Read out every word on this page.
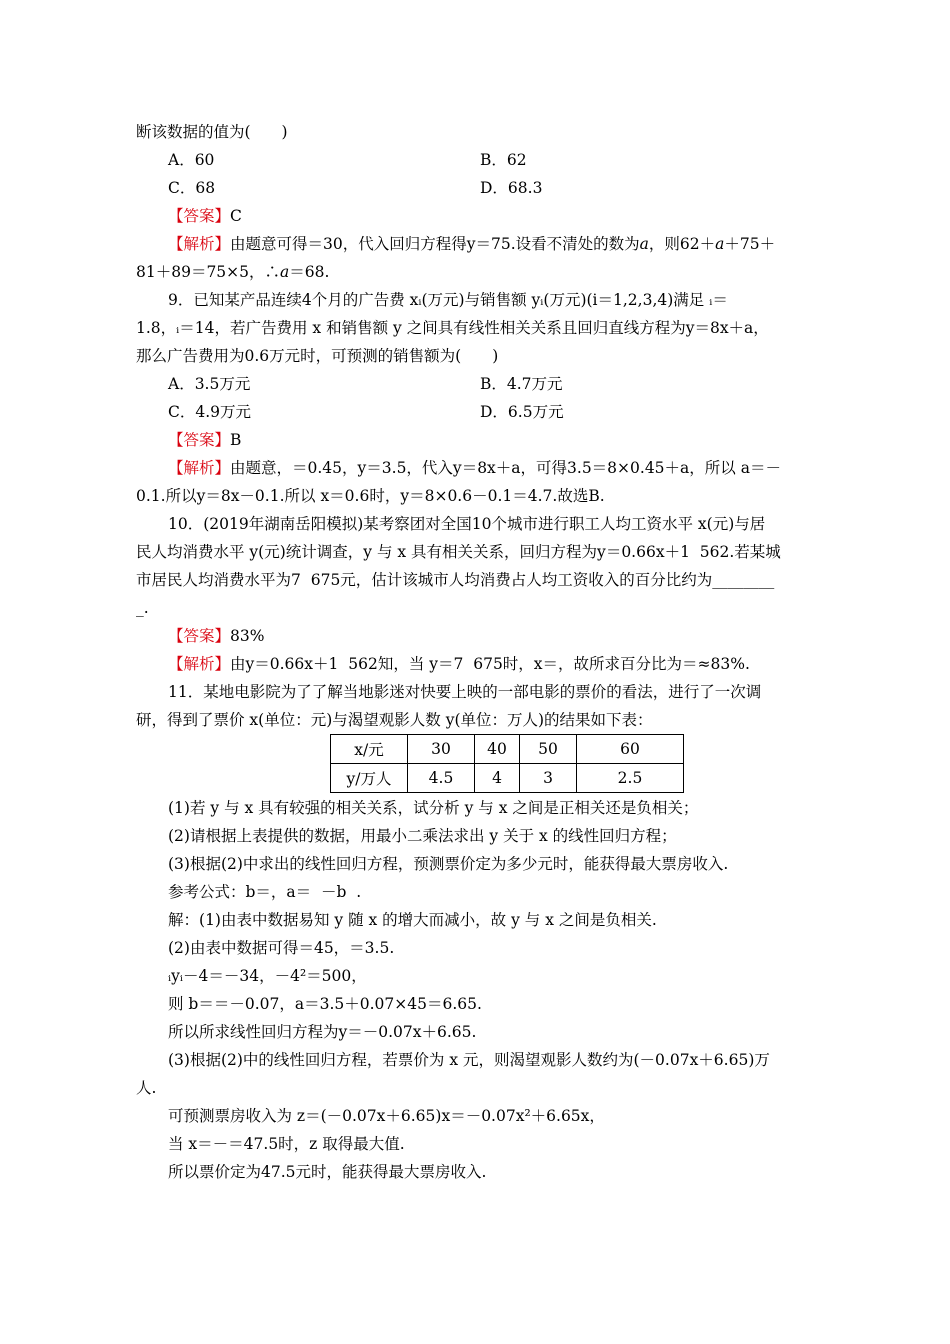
断该数据的值为(　　)
A．60	B．62
C．68	D．68.3
【答案】C
【解析】由题意可得＝30，代入回归方程得y＝75.设看不清处的数为a，则62＋a＋75＋
81＋89＝75×5，∴a＝68.
9．已知某产品连续4个月的广告费 xᵢ(万元)与销售额 yᵢ(万元)(i＝1,2,3,4)满足 ᵢ＝
1.8，ᵢ＝14，若广告费用 x 和销售额 y 之间具有线性相关关系且回归直线方程为y＝8x＋a，
那么广告费用为0.6万元时，可预测的销售额为(　　)
A．3.5万元	B．4.7万元
C．4.9万元	D．6.5万元
【答案】B
【解析】由题意，＝0.45，y＝3.5，代入y＝8x＋a，可得3.5＝8×0.45＋a，所以 a＝－
0.1.所以y＝8x－0.1.所以 x＝0.6时，y＝8×0.6－0.1＝4.7.故选B.
10．(2019年湖南岳阳模拟)某考察团对全国10个城市进行职工人均工资水平 x(元)与居
民人均消费水平 y(元)统计调查，y 与 x 具有相关关系，回归方程为y＝0.66x＋1  562.若某城
市居民人均消费水平为7  675元，估计该城市人均消费占人均工资收入的百分比约为________
_.
【答案】83%
【解析】由y＝0.66x＋1  562知，当 y＝7  675时，x＝，故所求百分比为＝≈83%.
11．某地电影院为了了解当地影迷对快要上映的一部电影的票价的看法，进行了一次调
研，得到了票价 x(单位：元)与渴望观影人数 y(单位：万人)的结果如下表：
x/元	30	40	50	60
y/万人	4.5	4	3	2.5
(1)若 y 与 x 具有较强的相关关系，试分析 y 与 x 之间是正相关还是负相关；
(2)请根据上表提供的数据，用最小二乘法求出 y 关于 x 的线性回归方程；
(3)根据(2)中求出的线性回归方程，预测票价定为多少元时，能获得最大票房收入.
参考公式：b＝，a＝  －b  .
解：(1)由表中数据易知 y 随 x 的增大而减小，故 y 与 x 之间是负相关.
(2)由表中数据可得＝45，＝3.5.
ᵢyᵢ－4＝－34，－4²＝500，
则 b＝＝－0.07，a＝3.5＋0.07×45＝6.65.
所以所求线性回归方程为y＝－0.07x＋6.65.
(3)根据(2)中的线性回归方程，若票价为 x 元，则渴望观影人数约为(－0.07x＋6.65)万
人.
可预测票房收入为 z＝(－0.07x＋6.65)x＝－0.07x²＋6.65x，
当 x＝－＝47.5时，z 取得最大值.
所以票价定为47.5元时，能获得最大票房收入.
